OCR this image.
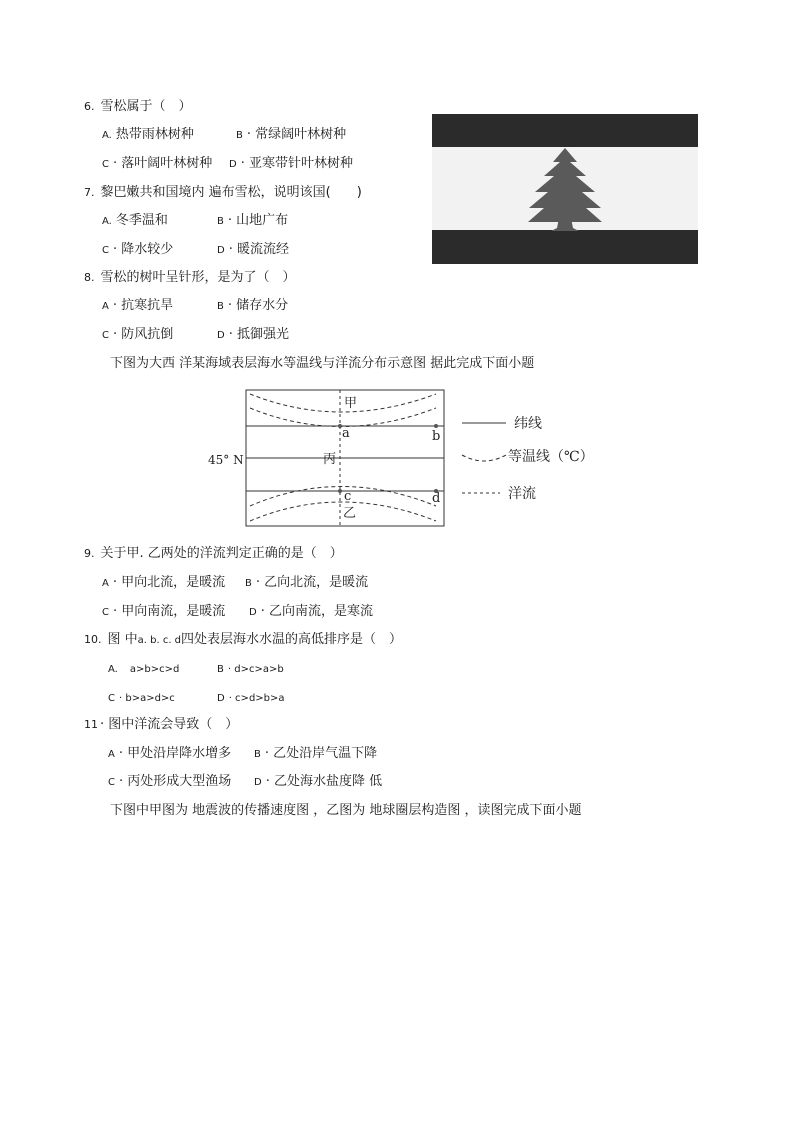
6. 雪松属于（　）
A. 热带雨林树种	B · 常绿阔叶林树种
C · 落叶阔叶林树种 D · 亚寒带针叶林树种
7. 黎巴嫩共和国境内 遍布雪松，说明该国(　　)
A. 冬季温和	B · 山地广布
C · 降水较少	D · 暖流流经
8. 雪松的树叶呈针形，是为了（　）
A · 抗寒抗旱	B · 储存水分
C · 防风抗倒	D · 抵御强光
下图为大西 洋某海域表层海水等温线与洋流分布示意图 据此完成下面小题
甲
乙
丙
a	b
c	d
45° N
纬线
等温线（℃）
洋流
9. 关于甲. 乙两处的洋流判定正确的是（　）
A · 甲向北流，是暖流 B · 乙向北流，是暖流
C · 甲向南流，是暖流 D · 乙向南流，是寒流
10. 图 中a. b. c. d四处表层海水水温的高低排序是（　）
A. a>b>c>d	B · d>c>a>b
C · b>a>d>c	D · c>d>b>a
11 · 图中洋流会导致（　）
A · 甲处沿岸降水增多 B · 乙处沿岸气温下降
C · 丙处形成大型渔场 D · 乙处海水盐度降 低
下图中甲图为 地震波的传播速度图 ，乙图为 地球圈层构造图 ，读图完成下面小题
